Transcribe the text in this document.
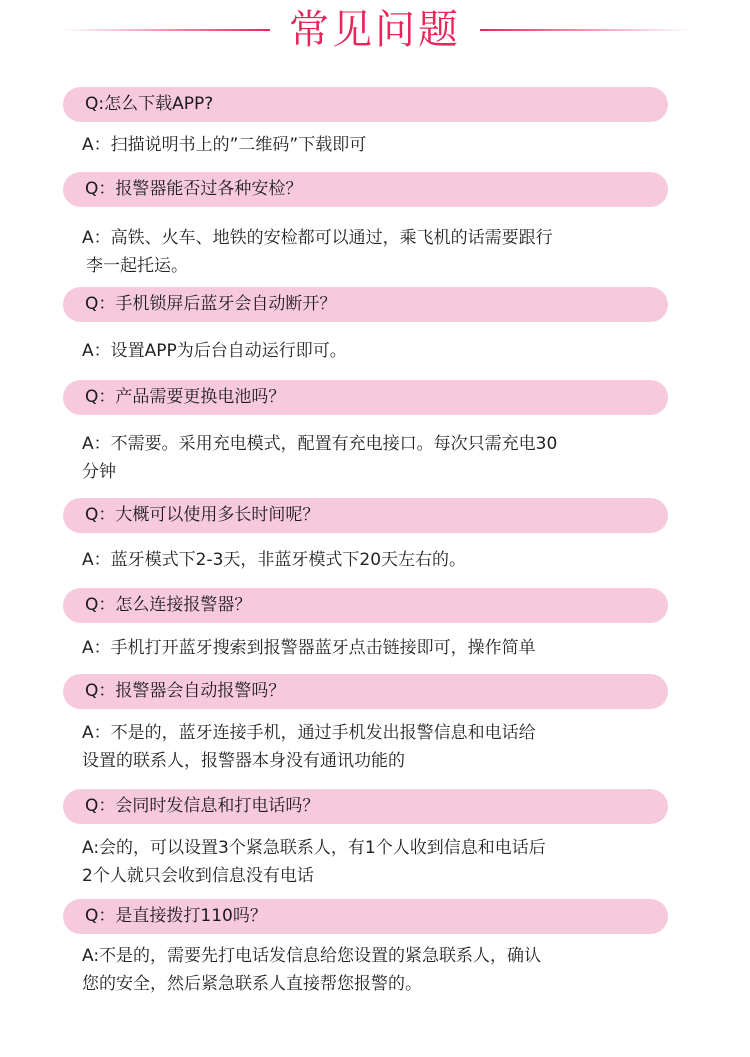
常见问题
Q:怎么下载APP?
A：扫描说明书上的”二维码”下载即可
Q：报警器能否过各种安检？
A：高铁、火车、地铁的安检都可以通过，乘飞机的话需要跟行
李一起托运。
Q：手机锁屏后蓝牙会自动断开？
A：设置APP为后台自动运行即可。
Q：产品需要更换电池吗？
A：不需要。采用充电模式，配置有充电接口。每次只需充电30
分钟
Q：大概可以使用多长时间呢？
A：蓝牙模式下2-3天，非蓝牙模式下20天左右的。
Q：怎么连接报警器？
A：手机打开蓝牙搜索到报警器蓝牙点击链接即可，操作简单
Q：报警器会自动报警吗？
A：不是的，蓝牙连接手机，通过手机发出报警信息和电话给
设置的联系人，报警器本身没有通讯功能的
Q：会同时发信息和打电话吗？
A:会的，可以设置3个紧急联系人，有1个人收到信息和电话后
2个人就只会收到信息没有电话
Q：是直接拨打110吗？
A:不是的，需要先打电话发信息给您设置的紧急联系人，确认
您的安全，然后紧急联系人直接帮您报警的。
